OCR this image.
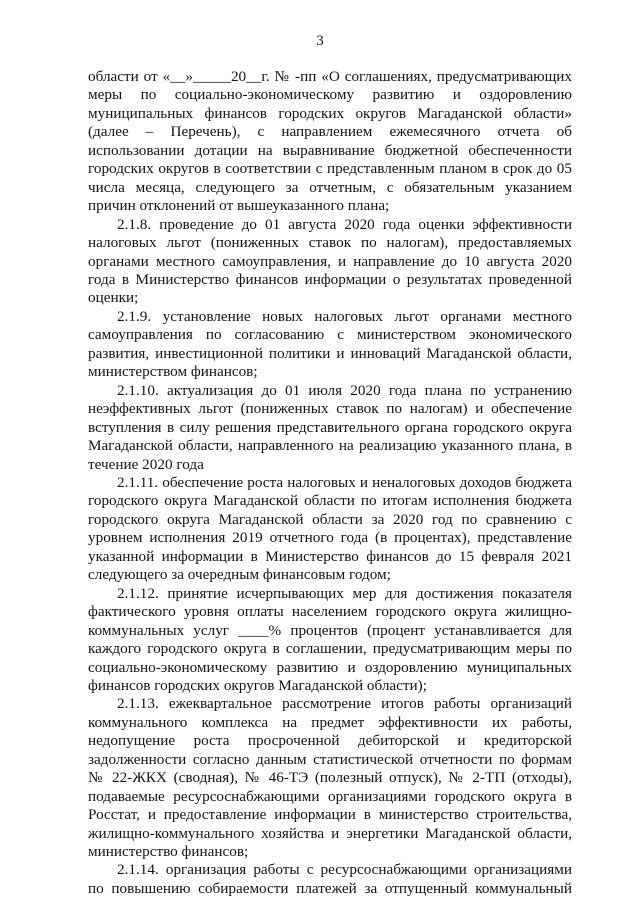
3

области от «__»_____20__г. № -пп «О соглашениях, предусматривающих меры по социально-экономическому развитию и оздоровлению муниципальных финансов городских округов Магаданской области» (далее – Перечень), с направлением ежемесячного отчета об использовании дотации на выравнивание бюджетной обеспеченности городских округов в соответствии с представленным планом в срок до 05 числа месяца, следующего за отчетным, с обязательным указанием причин отклонений от вышеуказанного плана;

2.1.8. проведение до 01 августа 2020 года оценки эффективности налоговых льгот (пониженных ставок по налогам), предоставляемых органами местного самоуправления, и направление до 10 августа 2020 года в Министерство финансов информации о результатах проведенной оценки;

2.1.9. установление новых налоговых льгот органами местного самоуправления по согласованию с министерством экономического развития, инвестиционной политики и инноваций Магаданской области, министерством финансов;

2.1.10. актуализация до 01 июля 2020 года плана по устранению неэффективных льгот (пониженных ставок по налогам) и обеспечение вступления в силу решения представительного органа городского округа Магаданской области, направленного на реализацию указанного плана, в течение 2020 года

2.1.11. обеспечение роста налоговых и неналоговых доходов бюджета городского округа Магаданской области по итогам исполнения бюджета городского округа Магаданской области за 2020 год по сравнению с уровнем исполнения 2019 отчетного года (в процентах), представление указанной информации в Министерство финансов до 15 февраля 2021 следующего за очередным финансовым годом;

2.1.12. принятие исчерпывающих мер для достижения показателя фактического уровня оплаты населением городского округа жилищно-коммунальных услуг ____% процентов (процент устанавливается для каждого городского округа в соглашении, предусматривающим меры по социально-экономическому развитию и оздоровлению муниципальных финансов городских округов Магаданской области);

2.1.13. ежеквартальное рассмотрение итогов работы организаций коммунального комплекса на предмет эффективности их работы, недопущение роста просроченной дебиторской и кредиторской задолженности согласно данным статистической отчетности по формам № 22-ЖКХ (сводная), № 46-ТЭ (полезный отпуск), № 2-ТП (отходы), подаваемые ресурсоснабжающими организациями городского округа в Росстат, и предоставление информации в министерство строительства, жилищно-коммунального хозяйства и энергетики Магаданской области, министерство финансов;

2.1.14. организация работы с ресурсоснабжающими организациями по повышению собираемости платежей за отпущенный коммунальный
